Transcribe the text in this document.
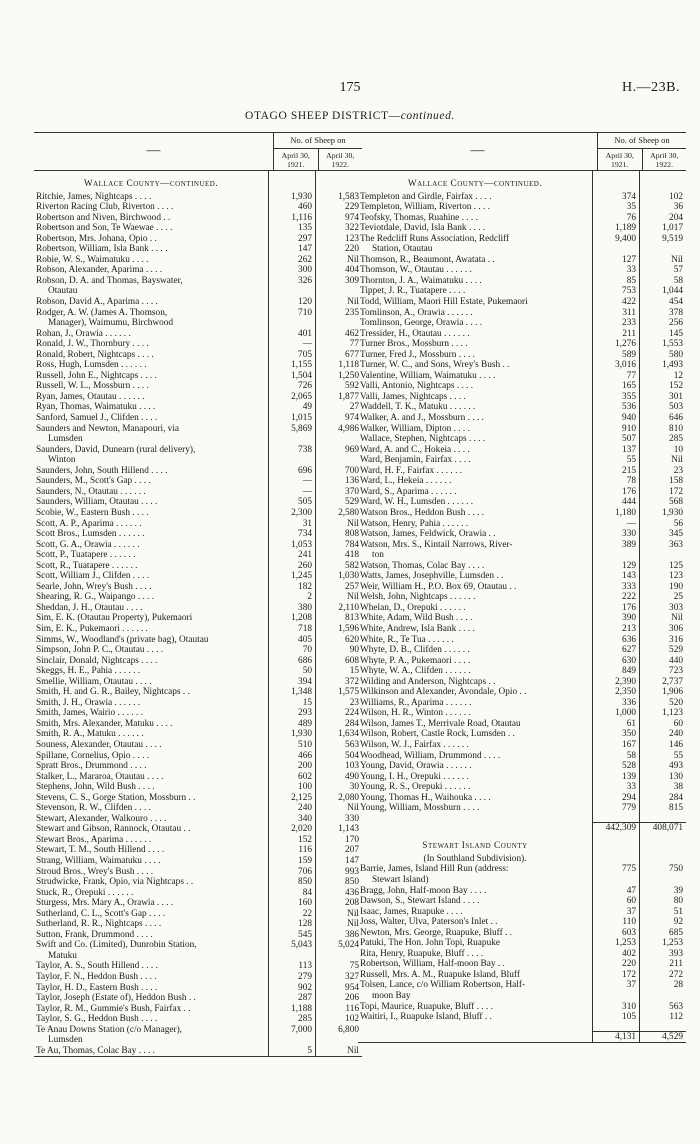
175	H.—23B.
OTAGO SHEEP DISTRICT—continued.
—
No. of Sheep on
April 30, 1921.
April 30, 1922.
Wallace County—continued.
Ritchie, James, Nightcaps . . . .	1,930	1,583
Riverton Racing Club, Riverton . . . .	460	229
Robertson and Niven, Birchwood . .	1,116	974
Robertson and Son, Te Waewae . . . .	135	322
Robertson, Mrs. Johana, Opio . .	297	123
Robertson, William, Isla Bank . . . .	147	220
Robie, W. S., Waimatuku . . . .	262	Nil
Robson, Alexander, Aparima . . . .	300	404
Robson, D. A. and Thomas, Bayswater,	326	309
Otautau
Robson, David A., Aparima . . . .	120	Nil
Rodger, A. W. (James A. Thomson,	710	235
Manager), Waimumu, Birchwood
Rohan, J., Orawia . . . . . .	401	462
Ronald, J. W., Thornbury . . . .	—	77
Ronald, Robert, Nightcaps . . . .	705	677
Ross, Hugh, Lumsden . . . . . .	1,155	1,118
Russell, John E., Nightcaps . . . .	1,504	1,250
Russell, W. L., Mossburn . . . .	726	592
Ryan, James, Otautau . . . . . .	2,065	1,877
Ryan, Thomas, Waimatuku . . . .	49	27
Sanford, Samuel J., Clifden . . . .	1,015	974
Saunders and Newton, Manapouri, via	5,869	4,986
Lumsden
Saunders, David, Dunearn (rural delivery),	738	969
Winton
Saunders, John, South Hillend . . . .	696	700
Saunders, M., Scott's Gap . . . .	—	136
Saunders, N., Otautau . . . . . .	—	370
Saunders, William, Otautau . . . .	505	529
Scobie, W., Eastern Bush . . . .	2,300	2,580
Scott, A. P., Aparima . . . . . .	31	Nil
Scott Bros., Lumsden . . . . . .	734	808
Scott, G. A., Orawia . . . . . .	1,053	784
Scott, P., Tuatapere . . . . . .	241	418
Scott, R., Tuatapere . . . . . .	260	582
Scott, William J., Clifden . . . .	1,245	1,030
Searle, John, Wrey's Bush . . . .	182	257
Shearing, R. G., Waipango . . . .	2	Nil
Sheddan, J. H., Otautau . . . .	380	2,110
Sim, E. K. (Otautau Property), Pukemaori	1,208	813
Sim, E. K., Pukemaori . . . . . .	718	1,596
Simms, W., Woodland's (private bag), Otautau	405	620
Simpson, John P. C., Otautau . . . .	70	90
Sinclair, Donald, Nightcaps . . . .	686	608
Skeggs, H. E., Pahia . . . . . .	50	15
Smellie, William, Otautau . . . .	394	372
Smith, H. and G. R., Bailey, Nightcaps . .	1,348	1,575
Smith, J. H., Orawia . . . . . .	15	23
Smith, James, Wairio . . . . . .	293	224
Smith, Mrs. Alexander, Matuku . . . .	489	284
Smith, R. A., Matuku . . . . . .	1,930	1,634
Souness, Alexander, Otautau . . . .	510	563
Spillane, Cornelius, Opio . . . .	466	504
Spratt Bros., Drummond . . . .	200	103
Stalker, L., Mararoa, Otautau . . . .	602	490
Stephens, John, Wild Bush . . . .	100	30
Stevens, C. S., Gorge Station, Mossburn . .	2,125	2,080
Stevenson, R. W., Clifden . . . .	240	Nil
Stewart, Alexander, Walkouro . . . .	340	330
Stewart and Gibson, Rannock, Otautau . .	2,020	1,143
Stewart Bros., Aparima . . . . . .	152	170
Stewart, T. M., South Hillend . . . .	116	207
Strang, William, Waimatuku . . . .	159	147
Stroud Bros., Wrey's Bush . . . .	706	993
Strudwicke, Frank, Opio, via Nightcaps . .	850	850
Stuck, R., Orepuki . . . . . .	84	436
Sturgess, Mrs. Mary A., Orawia . . . .	160	208
Sutherland, C. L., Scott's Gap . . . .	22	Nil
Sutherland, R. R., Nightcaps . . . .	128	Nil
Sutton, Frank, Drummond . . . .	545	386
Swift and Co. (Limited), Dunrobin Station,	5,043	5,024
Matuku
Taylor, A. S., South Hillend . . . .	113	75
Taylor, F. N., Heddon Bush . . . .	279	327
Taylor, H. D., Eastern Bush . . . .	902	954
Taylor, Joseph (Estate of), Heddon Bush . .	287	206
Taylor, R. M., Gummie's Bush, Fairfax . .	1,188	116
Taylor, S. G., Heddon Bush . . . .	285	102
Te Anau Downs Station (c/o Manager),	7,000	6,800
Lumsden
Te Au, Thomas, Colac Bay . . . .	5	Nil
—
No. of Sheep on
April 30, 1921.
April 30, 1922.
Wallace County—continued.
Templeton and Girdle, Fairfax . . . .	374	102
Templeton, William, Riverton . . . .	35	36
Teofsky, Thomas, Ruahine . . . .	76	204
Teviotdale, David, Isla Bank . . . .	1,189	1,017
The Redcliff Runs Association, Redcliff	9,400	9,519
Station, Otautau
Thomson, R., Beaumont, Awatata . .	127	Nil
Thomson, W., Otautau . . . . . .	33	57
Thornton, J. A., Waimatuku . . . .	85	58
Tippet, J. R., Tuatapere . . . .	753	1,044
Todd, William, Maori Hill Estate, Pukemaori	422	454
Tomlinson, A., Orawia . . . . . .	311	378
Tomlinson, George, Orawia . . . .	233	256
Tressider, H., Otautau . . . . . .	211	145
Turner Bros., Mossburn . . . .	1,276	1,553
Turner, Fred J., Mossburn . . . .	589	580
Turner, W. C., and Sons, Wrey's Bush . .	3,016	1,493
Valentine, William, Waimatuku . . . .	77	12
Valli, Antonio, Nightcaps . . . .	165	152
Valli, James, Nightcaps . . . .	355	301
Waddell, T. K., Matuku . . . . . .	536	503
Walker, A. and J., Mossburn . . . .	940	646
Walker, William, Dipton . . . .	910	810
Wallace, Stephen, Nightcaps . . . .	507	285
Ward, A. and C., Hokeia . . . .	137	10
Ward, Benjamin, Fairfax . . . .	55	Nil
Ward, H. F., Fairfax . . . . . .	215	23
Ward, L., Hekeia . . . . . .	78	158
Ward, S., Aparima . . . . . .	176	172
Ward, W. H., Lumsden . . . . . .	444	568
Watson Bros., Heddon Bush . . . .	1,180	1,930
Watson, Henry, Pahia . . . . . .	—	56
Watson, James, Feldwick, Orawia . .	330	345
Watson, Mrs. S., Kintail Narrows, River-	389	363
ton
Watson, Thomas, Colac Bay . . . .	129	125
Watts, James, Josephville, Lumsden . .	143	123
Weir, William H., P.O. Box 69, Otautau . .	333	190
Welsh, John, Nightcaps . . . . . .	222	25
Whelan, D., Orepuki . . . . . .	176	303
White, Adam, Wild Bush . . . .	390	Nil
White, Andrew, Isla Bank . . . .	213	306
White, R., Te Tua . . . . . .	636	316
Whyte, D. B., Clifden . . . . . .	627	529
Whyte, P. A., Pukemaori . . . .	630	440
Whyte, W. A., Clifden . . . . . .	849	723
Wilding and Anderson, Nightcaps . .	2,390	2,737
Wilkinson and Alexander, Avondale, Opio . .	2,350	1,906
Williams, R., Aparima . . . . . .	336	520
Wilson, H. R., Winton . . . . . .	1,000	1,123
Wilson, James T., Merrivale Road, Otautau	61	60
Wilson, Robert, Castle Rock, Lumsden . .	350	240
Wilson, W. J., Fairfax . . . . . .	167	146
Woodhead, William, Drummond . . . .	58	55
Young, David, Orawia . . . . . .	528	493
Young, I. H., Orepuki . . . . . .	139	130
Young, R. S., Orepuki . . . . . .	33	38
Young, Thomas H., Waihouka . . . .	294	284
Young, William, Mossburn . . . .	779	815
442,309	408,071
Stewart Island County
(In Southland Subdivision).
Barrie, James, Island Hill Run (address:	775	750
Stewart Island)
Bragg, John, Half-moon Bay . . . .	47	39
Dawson, S., Stewart Island . . . .	60	80
Isaac, James, Ruapuke . . . .	37	51
Joss, Walter, Ulva, Paterson's Inlet . .	110	92
Newton, Mrs. George, Ruapuke, Bluff . .	603	685
Patuki, The Hon. John Topi, Ruapuke	1,253	1,253
Rita, Henry, Ruapuke, Bluff . . . .	402	393
Robertson, William, Half-moon Bay . .	220	211
Russell, Mrs. A. M., Ruapuke Island, Bluff	172	272
Tolsen, Lance, c/o William Robertson, Half-	37	28
moon Bay
Topi, Maurice, Ruapuke, Bluff . . . .	310	563
Waitiri, I., Ruapuke Island, Bluff . .	105	112
4,131	4,529
